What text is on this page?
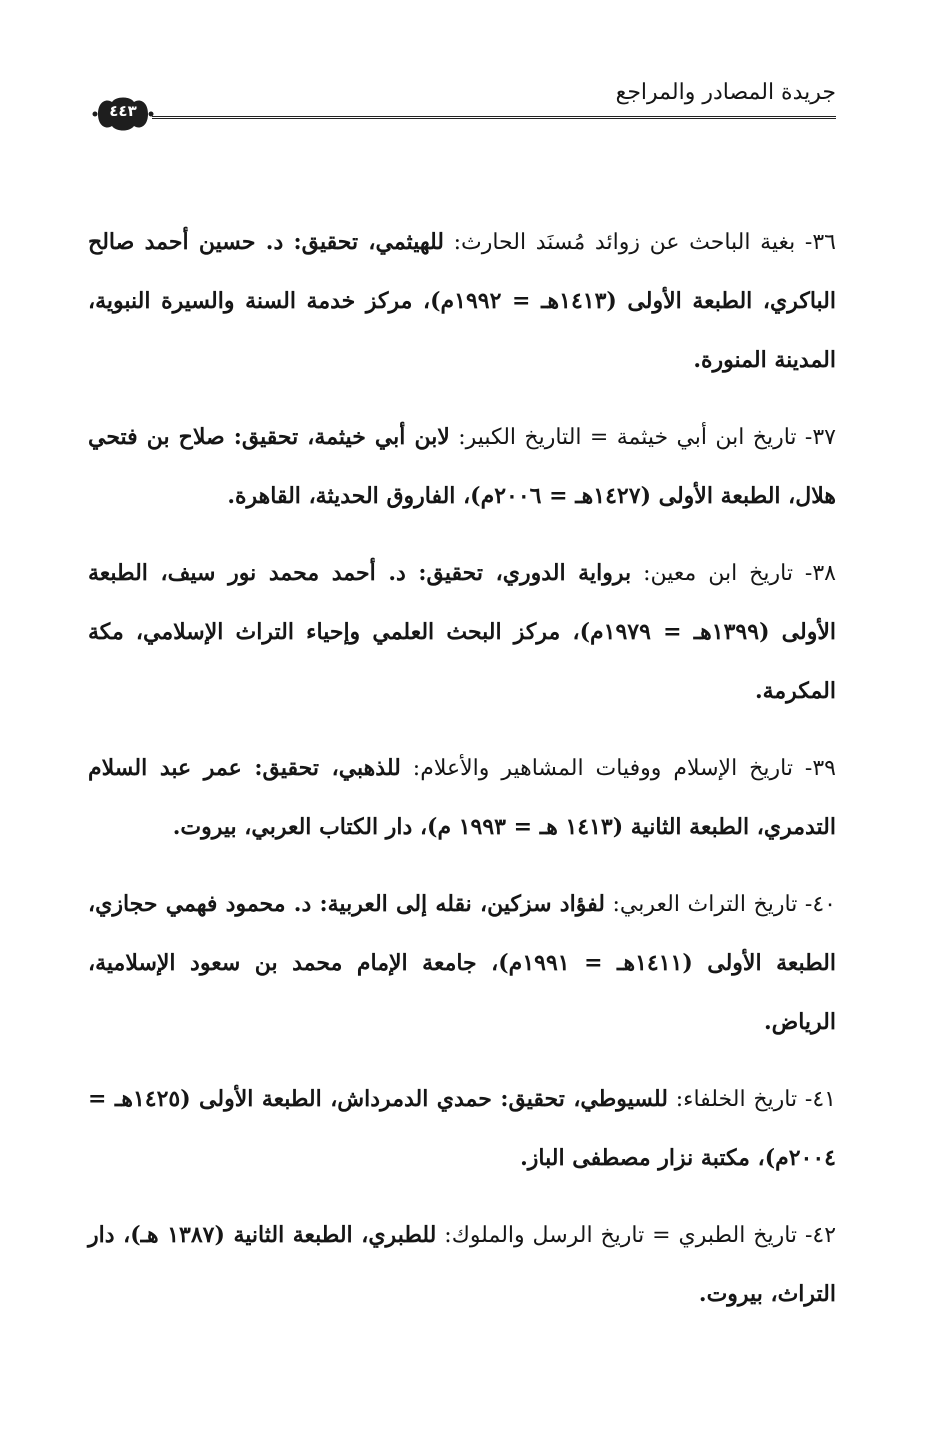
جريدة المصادر والمراجع
٤٤٣

٣٦- بغية الباحث عن زوائد مُسنَد الحارث: للهيثمي، تحقيق: د. حسين أحمد صالح الباكري، الطبعة الأولى (١٤١٣هـ = ١٩٩٢م)، مركز خدمة السنة والسيرة النبوية، المدينة المنورة.

٣٧- تاريخ ابن أبي خيثمة = التاريخ الكبير: لابن أبي خيثمة، تحقيق: صلاح بن فتحي هلال، الطبعة الأولى (١٤٢٧هـ = ٢٠٠٦م)، الفاروق الحديثة، القاهرة.

٣٨- تاريخ ابن معين: برواية الدوري، تحقيق: د. أحمد محمد نور سيف، الطبعة الأولى (١٣٩٩هـ = ١٩٧٩م)، مركز البحث العلمي وإحياء التراث الإسلامي، مكة المكرمة.

٣٩- تاريخ الإسلام ووفيات المشاهير والأعلام: للذهبي، تحقيق: عمر عبد السلام التدمري، الطبعة الثانية (١٤١٣ هـ = ١٩٩٣ م)، دار الكتاب العربي، بيروت.

٤٠- تاريخ التراث العربي: لفؤاد سزكين، نقله إلى العربية: د. محمود فهمي حجازي، الطبعة الأولى (١٤١١هـ = ١٩٩١م)، جامعة الإمام محمد بن سعود الإسلامية، الرياض.

٤١- تاريخ الخلفاء: للسيوطي، تحقيق: حمدي الدمرداش، الطبعة الأولى (١٤٢٥هـ = ٢٠٠٤م)، مكتبة نزار مصطفى الباز.

٤٢- تاريخ الطبري = تاريخ الرسل والملوك: للطبري، الطبعة الثانية (١٣٨٧ هـ)، دار التراث، بيروت.
